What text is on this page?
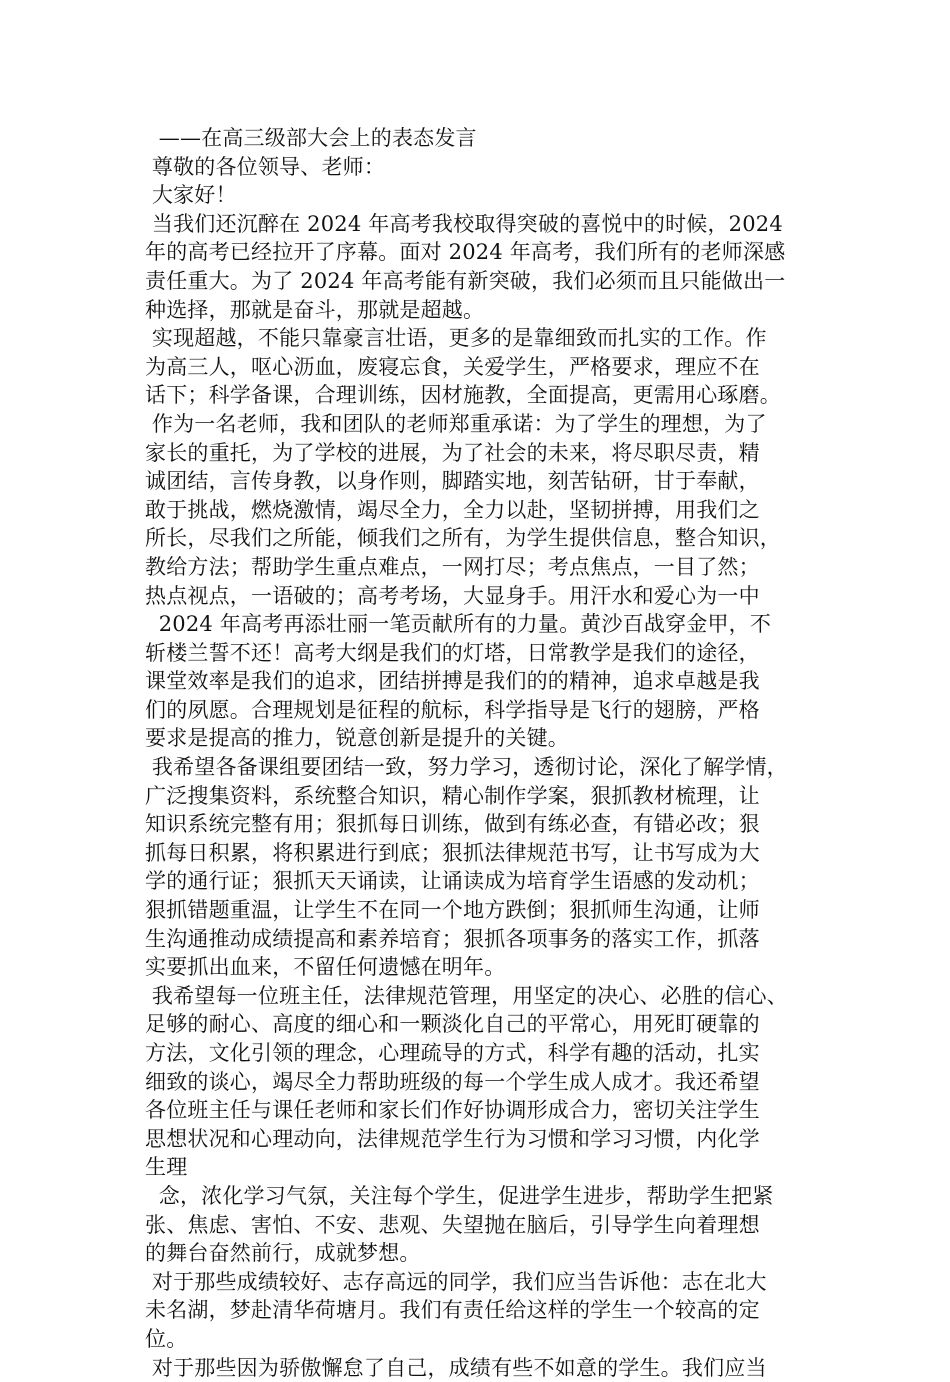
——在高三级部大会上的表态发言
尊敬的各位领导、老师：
大家好！
当我们还沉醉在 2024 年高考我校取得突破的喜悦中的时候，2024
年的高考已经拉开了序幕。面对 2024 年高考，我们所有的老师深感
责任重大。为了 2024 年高考能有新突破，我们必须而且只能做出一
种选择，那就是奋斗，那就是超越。
实现超越，不能只靠豪言壮语，更多的是靠细致而扎实的工作。作
为高三人，呕心沥血，废寝忘食，关爱学生，严格要求，理应不在
话下；科学备课，合理训练，因材施教，全面提高，更需用心琢磨。
作为一名老师，我和团队的老师郑重承诺：为了学生的理想，为了
家长的重托，为了学校的进展，为了社会的未来，将尽职尽责，精
诚团结，言传身教，以身作则，脚踏实地，刻苦钻研，甘于奉献，
敢于挑战，燃烧激情，竭尽全力，全力以赴，坚韧拼搏，用我们之
所长，尽我们之所能，倾我们之所有，为学生提供信息，整合知识，
教给方法；帮助学生重点难点，一网打尽；考点焦点，一目了然；
热点视点，一语破的；高考考场，大显身手。用汗水和爱心为一中
2024 年高考再添壮丽一笔贡献所有的力量。黄沙百战穿金甲，不
斩楼兰誓不还！高考大纲是我们的灯塔，日常教学是我们的途径，
课堂效率是我们的追求，团结拼搏是我们的的精神，追求卓越是我
们的夙愿。合理规划是征程的航标，科学指导是飞行的翅膀，严格
要求是提高的推力，锐意创新是提升的关键。
我希望各备课组要团结一致，努力学习，透彻讨论，深化了解学情，
广泛搜集资料，系统整合知识，精心制作学案，狠抓教材梳理，让
知识系统完整有用；狠抓每日训练，做到有练必查，有错必改；狠
抓每日积累，将积累进行到底；狠抓法律规范书写，让书写成为大
学的通行证；狠抓天天诵读，让诵读成为培育学生语感的发动机；
狠抓错题重温，让学生不在同一个地方跌倒；狠抓师生沟通，让师
生沟通推动成绩提高和素养培育；狠抓各项事务的落实工作，抓落
实要抓出血来，不留任何遗憾在明年。
我希望每一位班主任，法律规范管理，用坚定的决心、必胜的信心、
足够的耐心、高度的细心和一颗淡化自己的平常心，用死盯硬靠的
方法，文化引领的理念，心理疏导的方式，科学有趣的活动，扎实
细致的谈心，竭尽全力帮助班级的每一个学生成人成才。我还希望
各位班主任与课任老师和家长们作好协调形成合力，密切关注学生
思想状况和心理动向，法律规范学生行为习惯和学习习惯，内化学
生理
念，浓化学习气氛，关注每个学生，促进学生进步，帮助学生把紧
张、焦虑、害怕、不安、悲观、失望抛在脑后，引导学生向着理想
的舞台奋然前行，成就梦想。
对于那些成绩较好、志存高远的同学，我们应当告诉他：志在北大
未名湖，梦赴清华荷塘月。我们有责任给这样的学生一个较高的定
位。
对于那些因为骄傲懈怠了自己，成绩有些不如意的学生。我们应当
